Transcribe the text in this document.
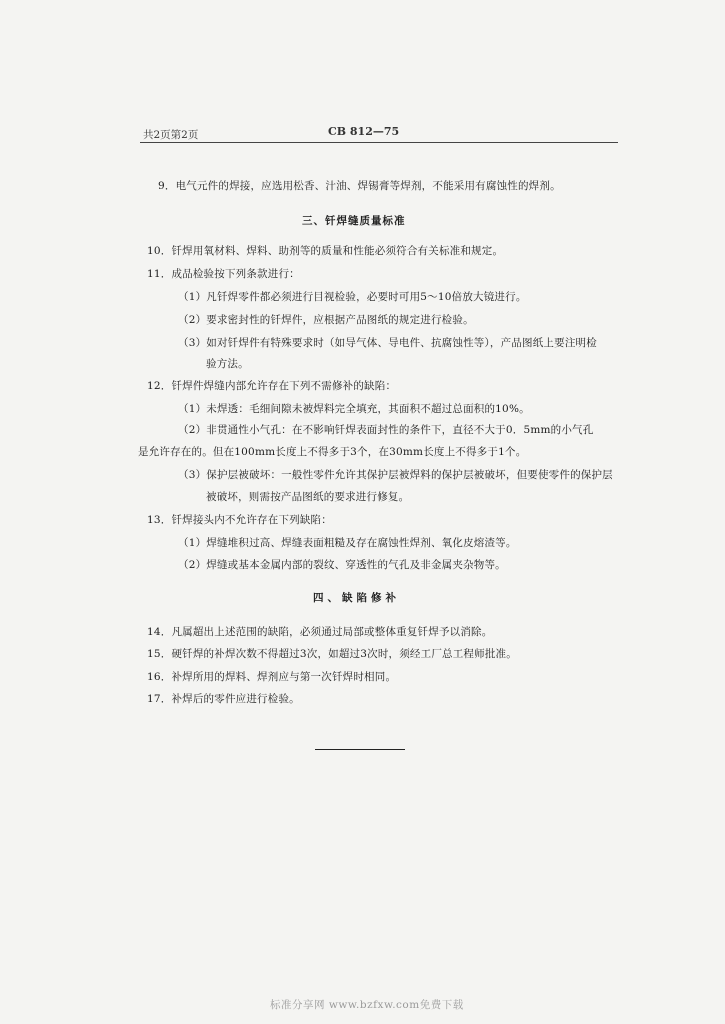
共2页第2页	CB 812—75
9．电气元件的焊接，应选用松香、汁油、焊锡膏等焊剂，不能采用有腐蚀性的焊剂。
三、钎焊缝质量标准
10．钎焊用氧材料、焊料、助剂等的质量和性能必须符合有关标准和规定。
11．成品检验按下列条款进行：
（1）凡钎焊零件都必须进行目视检验，必要时可用5～10倍放大镜进行。
（2）要求密封性的钎焊件，应根据产品图纸的规定进行检验。
（3）如对钎焊件有特殊要求时（如导气体、导电件、抗腐蚀性等），产品图纸上要注明检
验方法。
12．钎焊件焊缝内部允许存在下列不需修补的缺陷：
（1）未焊透：毛细间隙未被焊料完全填充，其面积不超过总面积的10%。
（2）非贯通性小气孔：在不影响钎焊表面封性的条件下，直径不大于0．5mm的小气孔
是允许存在的。但在100mm长度上不得多于3个，在30mm长度上不得多于1个。
（3）保护层被破坏：一般性零件允许其保护层被焊料的保护层被破坏，但要使零件的保护层
被破坏，则需按产品图纸的要求进行修复。
13．钎焊接头内不允许存在下列缺陷：
（1）焊缝堆积过高、焊缝表面粗糙及存在腐蚀性焊剂、氧化皮熔渣等。
（2）焊缝或基本金属内部的裂纹、穿透性的气孔及非金属夹杂物等。
四、缺陷修补
14．凡属超出上述范围的缺陷，必须通过局部或整体重复钎焊予以消除。
15．硬钎焊的补焊次数不得超过3次，如超过3次时，须经工厂总工程师批准。
16．补焊所用的焊料、焊剂应与第一次钎焊时相同。
17．补焊后的零件应进行检验。
标准分享网 www.bzfxw.com免费下载
